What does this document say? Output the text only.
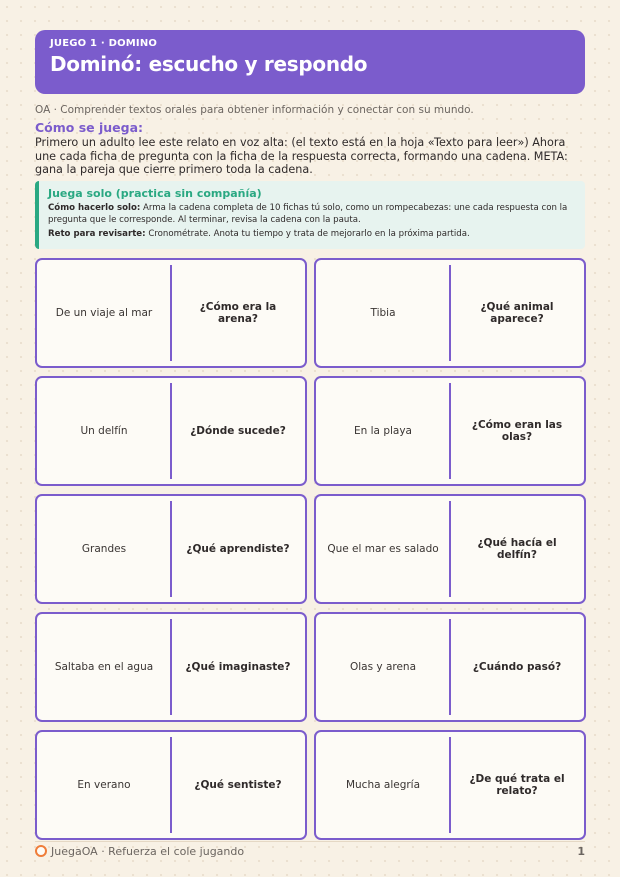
JUEGO 1 · DOMINO
Dominó: escucho y respondo
OA · Comprender textos orales para obtener información y conectar con su mundo.
Cómo se juega:
Primero un adulto lee este relato en voz alta: (el texto está en la hoja «Texto para leer») Ahora une cada ficha de pregunta con la ficha de la respuesta correcta, formando una cadena. META: gana la pareja que cierre primero toda la cadena.
Juega solo (practica sin compañía)
Cómo hacerlo solo: Arma la cadena completa de 10 fichas tú solo, como un rompecabezas: une cada respuesta con la pregunta que le corresponde. Al terminar, revisa la cadena con la pauta.
Reto para revisarte: Cronométrate. Anota tu tiempo y trata de mejorarlo en la próxima partida.
De un viaje al mar	¿Cómo era la arena?	Tibia	¿Qué animal aparece?
Un delfín	¿Dónde sucede?	En la playa	¿Cómo eran las olas?
Grandes	¿Qué aprendiste?	Que el mar es salado	¿Qué hacía el delfín?
Saltaba en el agua	¿Qué imaginaste?	Olas y arena	¿Cuándo pasó?
En verano	¿Qué sentiste?	Mucha alegría	¿De qué trata el relato?
JuegaOA · Refuerza el cole jugando	1
